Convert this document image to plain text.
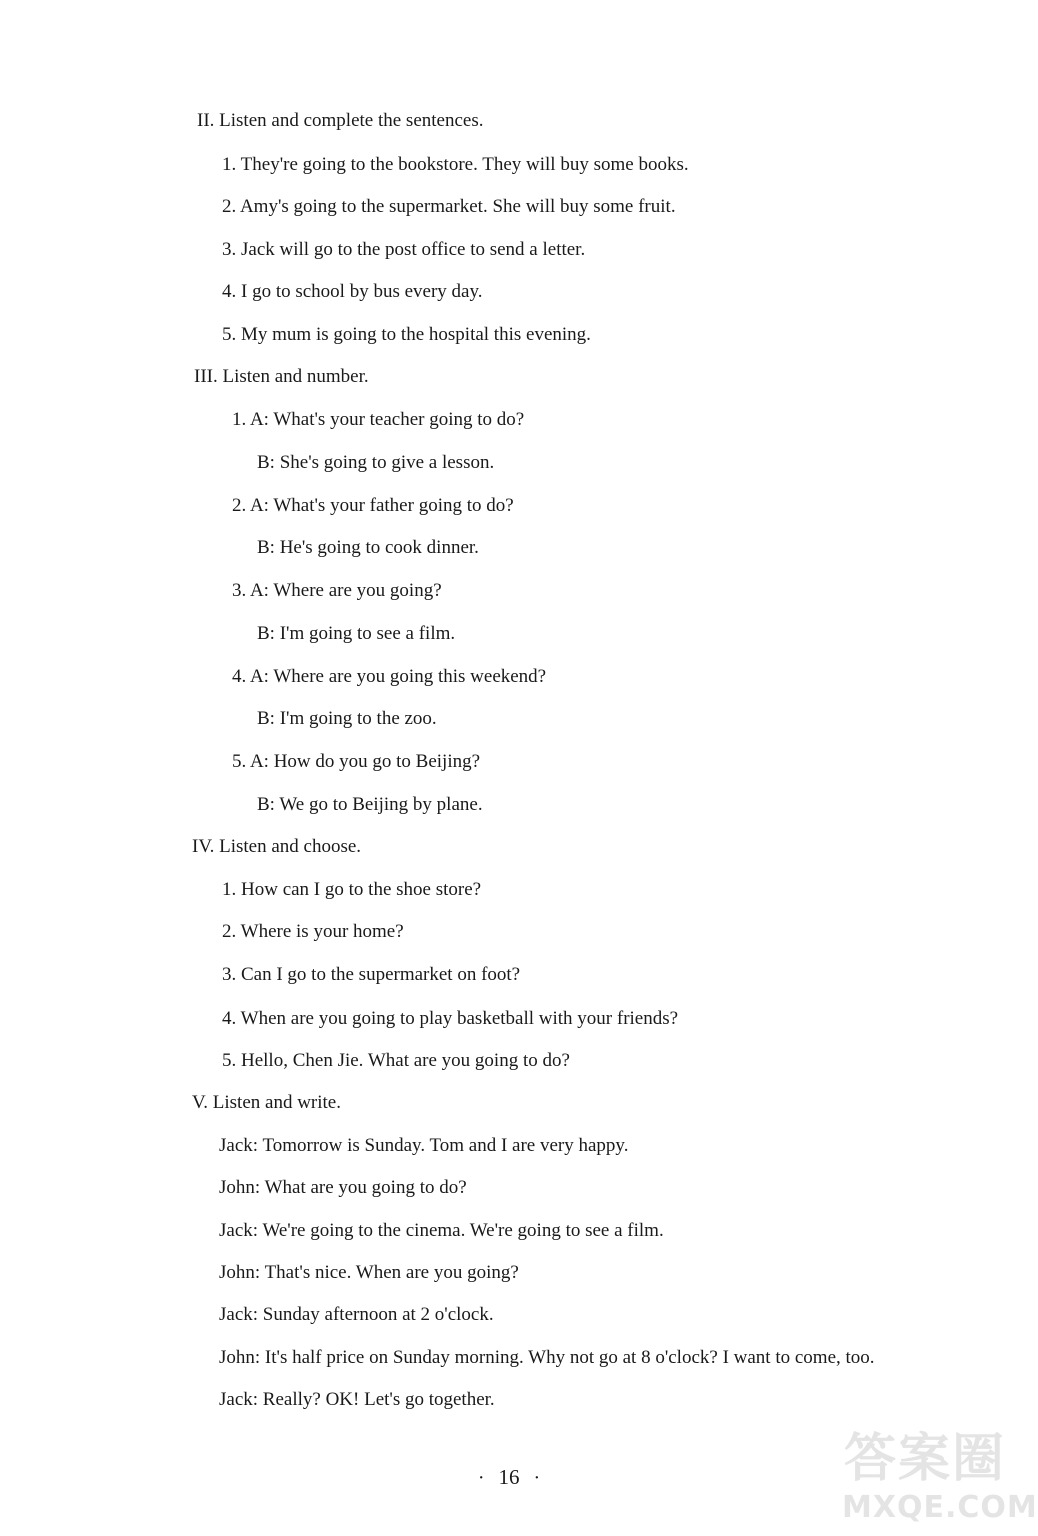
II. Listen and complete the sentences.
1. They're going to the bookstore. They will buy some books.
2. Amy's going to the supermarket. She will buy some fruit.
3. Jack will go to the post office to send a letter.
4. I go to school by bus every day.
5. My mum is going to the hospital this evening.
III. Listen and number.
1. A: What's your teacher going to do?
B: She's going to give a lesson.
2. A: What's your father going to do?
B: He's going to cook dinner.
3. A: Where are you going?
B: I'm going to see a film.
4. A: Where are you going this weekend?
B: I'm going to the zoo.
5. A: How do you go to Beijing?
B: We go to Beijing by plane.
IV. Listen and choose.
1. How can I go to the shoe store?
2. Where is your home?
3. Can I go to the supermarket on foot?
4. When are you going to play basketball with your friends?
5. Hello, Chen Jie. What are you going to do?
V. Listen and write.
Jack: Tomorrow is Sunday. Tom and I are very happy.
John: What are you going to do?
Jack: We're going to the cinema. We're going to see a film.
John: That's nice. When are you going?
Jack: Sunday afternoon at 2 o'clock.
John: It's half price on Sunday morning. Why not go at 8 o'clock? I want to come, too.
Jack: Really? OK! Let's go together.
· 16 ·	答案圈
MXQE.COM
